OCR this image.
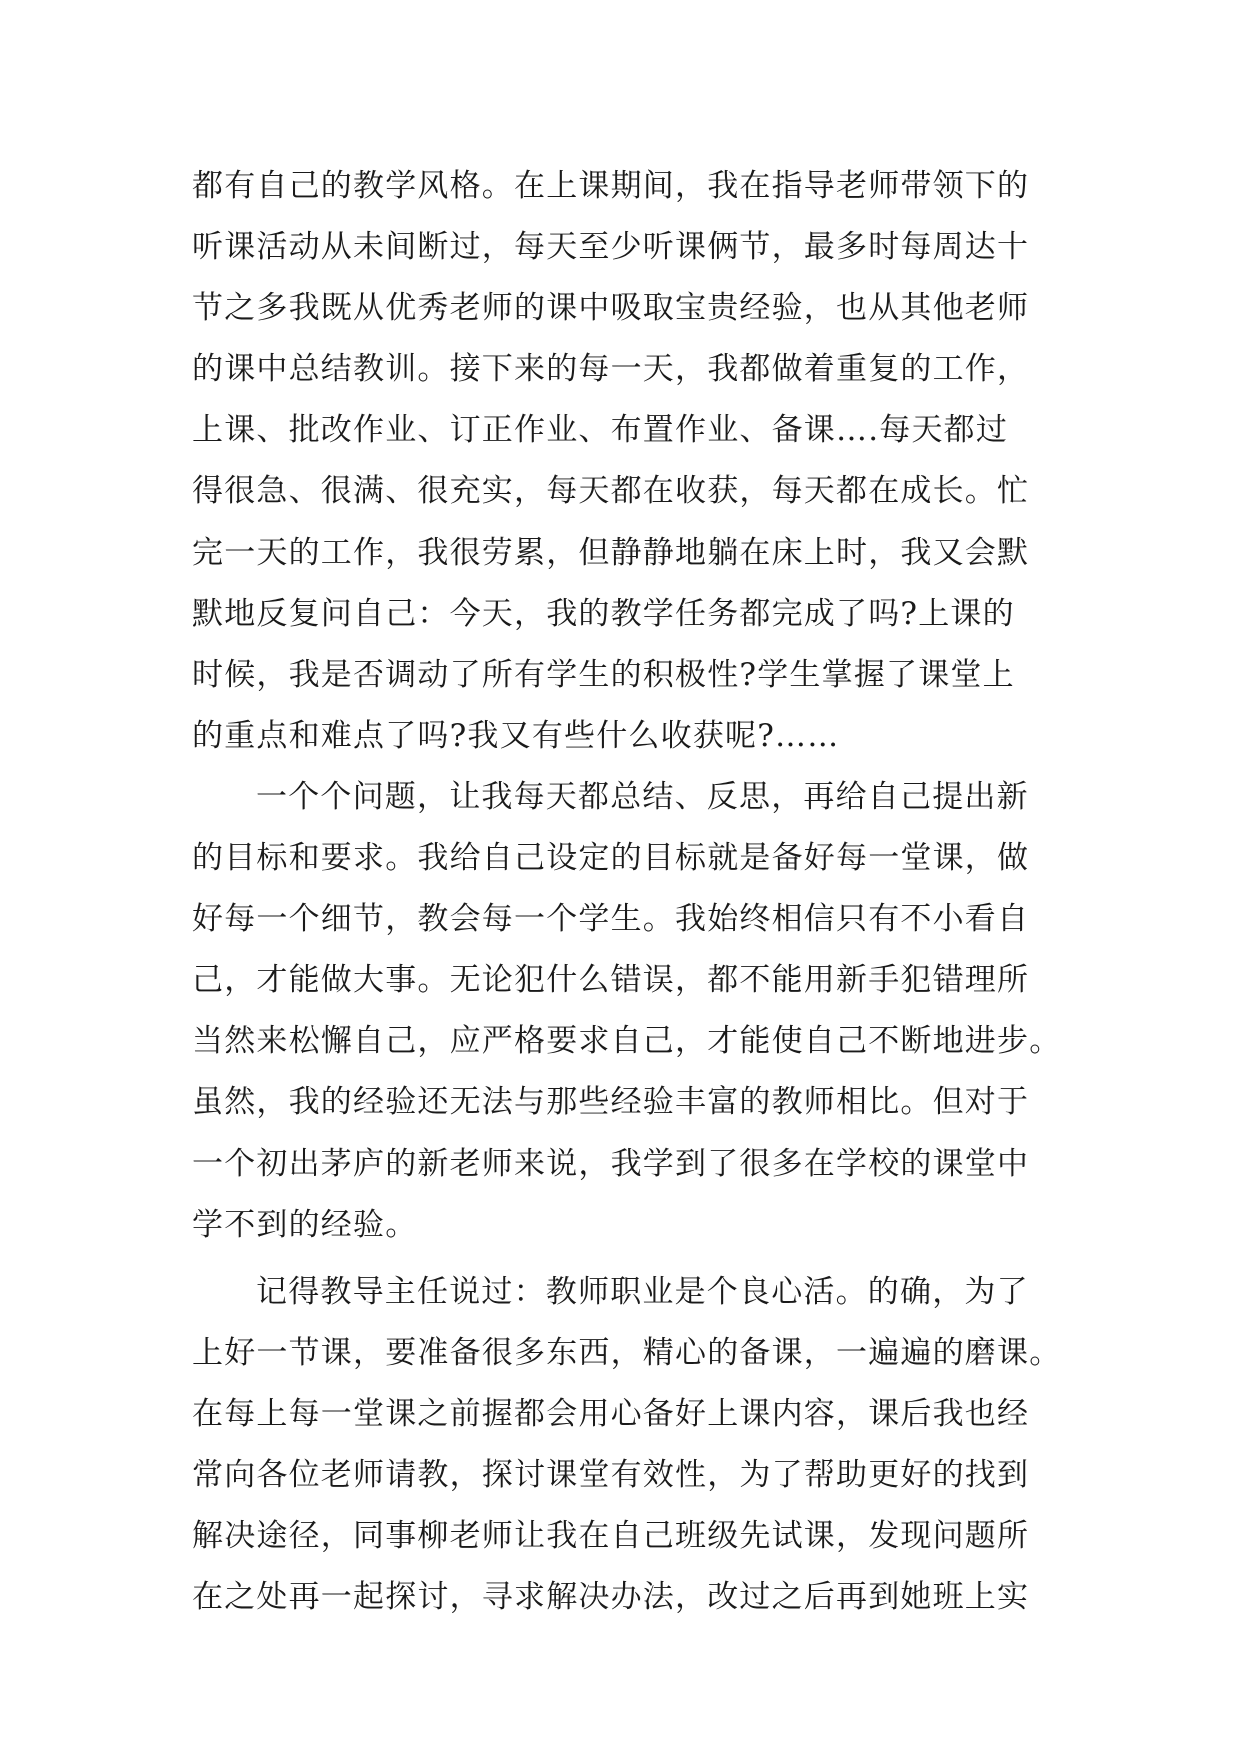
都有自己的教学风格。在上课期间，我在指导老师带领下的
听课活动从未间断过，每天至少听课俩节，最多时每周达十
节之多我既从优秀老师的课中吸取宝贵经验，也从其他老师
的课中总结教训。接下来的每一天，我都做着重复的工作，
上课、批改作业、订正作业、布置作业、备课….每天都过
得很急、很满、很充实，每天都在收获，每天都在成长。忙
完一天的工作，我很劳累，但静静地躺在床上时，我又会默
默地反复问自己：今天，我的教学任务都完成了吗?上课的
时候，我是否调动了所有学生的积极性?学生掌握了课堂上
的重点和难点了吗?我又有些什么收获呢?……
一个个问题，让我每天都总结、反思，再给自己提出新
的目标和要求。我给自己设定的目标就是备好每一堂课，做
好每一个细节，教会每一个学生。我始终相信只有不小看自
己，才能做大事。无论犯什么错误，都不能用新手犯错理所
当然来松懈自己，应严格要求自己，才能使自己不断地进步。
虽然，我的经验还无法与那些经验丰富的教师相比。但对于
一个初出茅庐的新老师来说，我学到了很多在学校的课堂中
学不到的经验。
记得教导主任说过：教师职业是个良心活。的确，为了
上好一节课，要准备很多东西，精心的备课，一遍遍的磨课。
在每上每一堂课之前握都会用心备好上课内容，课后我也经
常向各位老师请教，探讨课堂有效性，为了帮助更好的找到
解决途径，同事柳老师让我在自己班级先试课，发现问题所
在之处再一起探讨，寻求解决办法，改过之后再到她班上实
